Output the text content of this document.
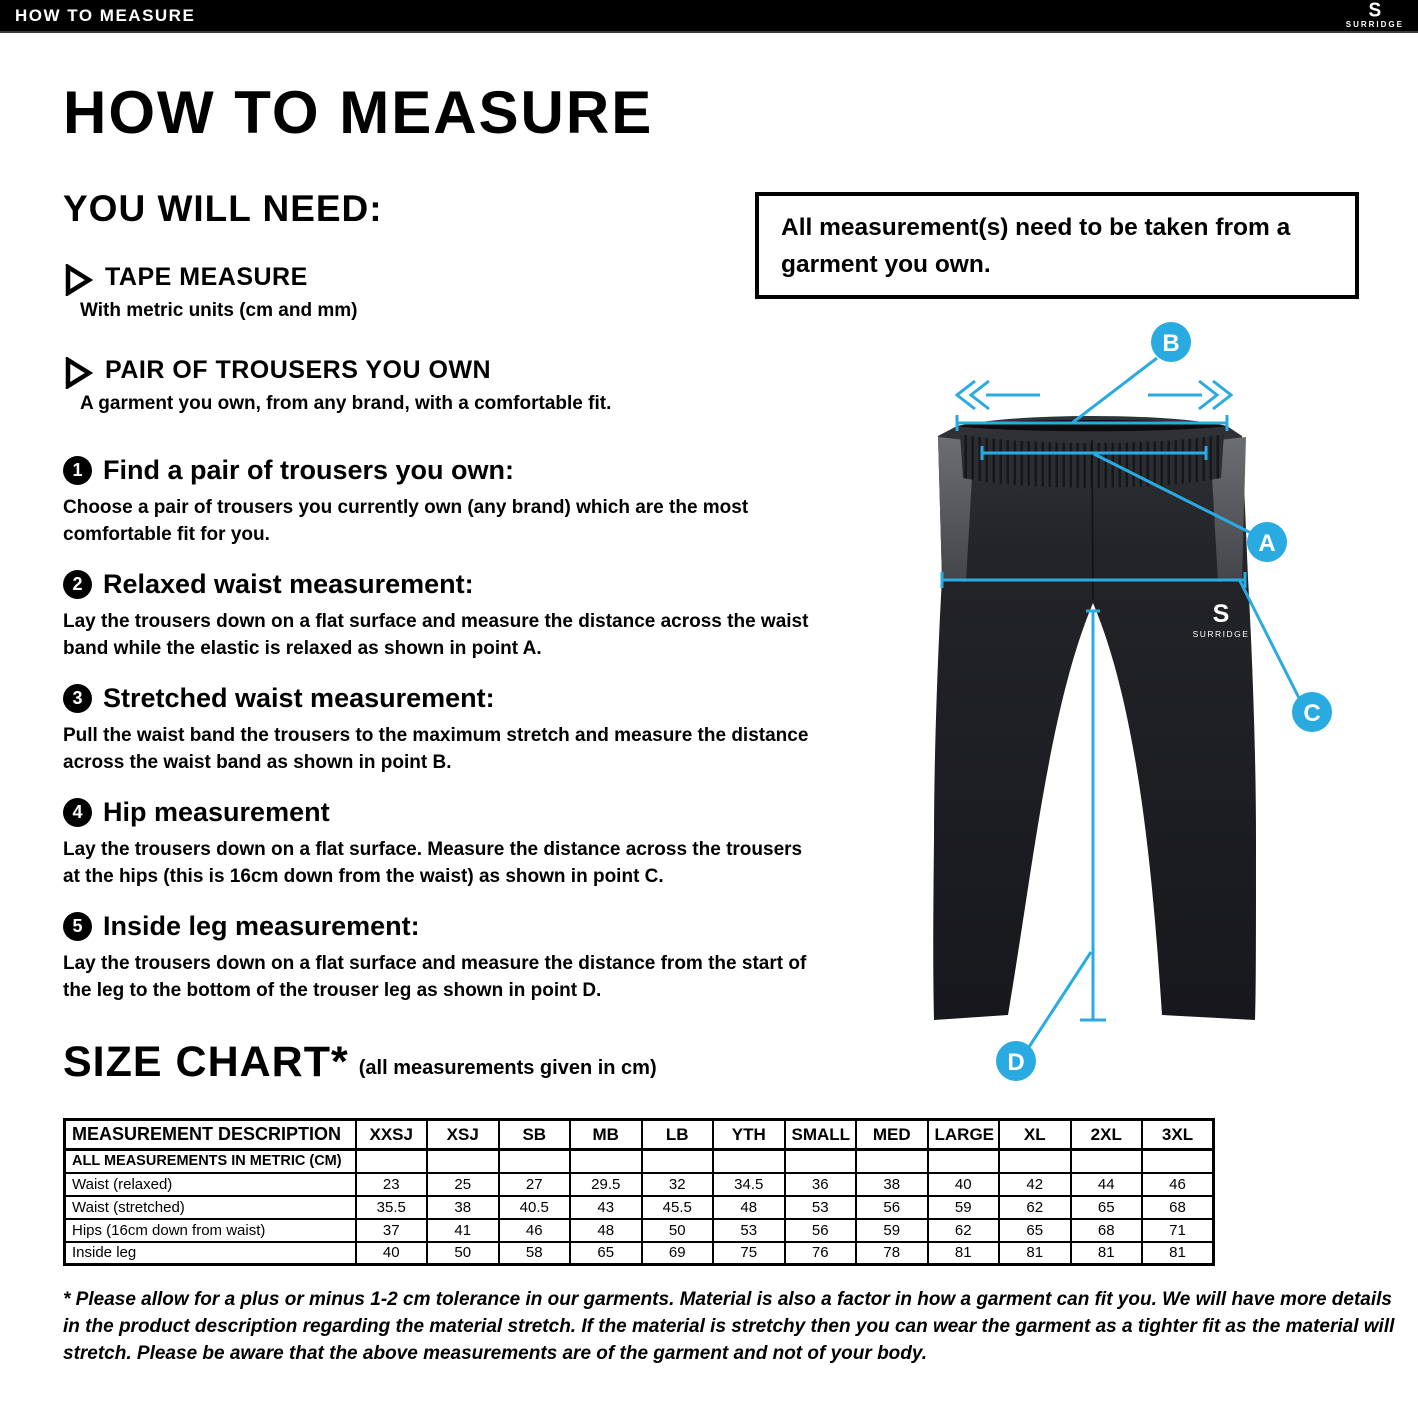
HOW TO MEASURE	S
SURRIDGE
HOW TO MEASURE
YOU WILL NEED:
TAPE MEASURE

With metric units (cm and mm)

PAIR OF TROUSERS YOU OWN

A garment you own, from any brand, with a comfortable fit.

All measurement(s) need to be taken from a garment you own.

1 Find a pair of trousers you own:

Choose a pair of trousers you currently own (any brand) which are the most comfortable fit for you.

2 Relaxed waist measurement:

Lay the trousers down on a flat surface and measure the distance across the waist band while the elastic is relaxed as shown in point A.

3 Stretched waist measurement:

Pull the waist band the trousers to the maximum stretch and measure the distance across the waist band as shown in point B.

4 Hip measurement

Lay the trousers down on a flat surface. Measure the distance across the trousers at the hips (this is 16cm down from the waist) as shown in point C.

5 Inside leg measurement:

Lay the trousers down on a flat surface and measure the distance from the start of the leg to the bottom of the trouser leg as shown in point D.

S
SURRIDGE
B
A
C
D
SIZE CHART* (all measurements given in cm)
MEASUREMENT DESCRIPTION	XXSJ	XSJ	SB	MB	LB	YTH	SMALL	MED	LARGE	XL	2XL	3XL
ALL MEASUREMENTS IN METRIC (CM)												
Waist (relaxed)	23	25	27	29.5	32	34.5	36	38	40	42	44	46
Waist (stretched)	35.5	38	40.5	43	45.5	48	53	56	59	62	65	68
Hips (16cm down from waist)	37	41	46	48	50	53	56	59	62	65	68	71
Inside leg	40	50	58	65	69	75	76	78	81	81	81	81

* Please allow for a plus or minus 1-2 cm tolerance in our garments. Material is also a factor in how a garment can fit you. We will have more details in the product description regarding the material stretch. If the material is stretchy then you can wear the garment as a tighter fit as the material will stretch. Please be aware that the above measurements are of the garment and not of your body.
